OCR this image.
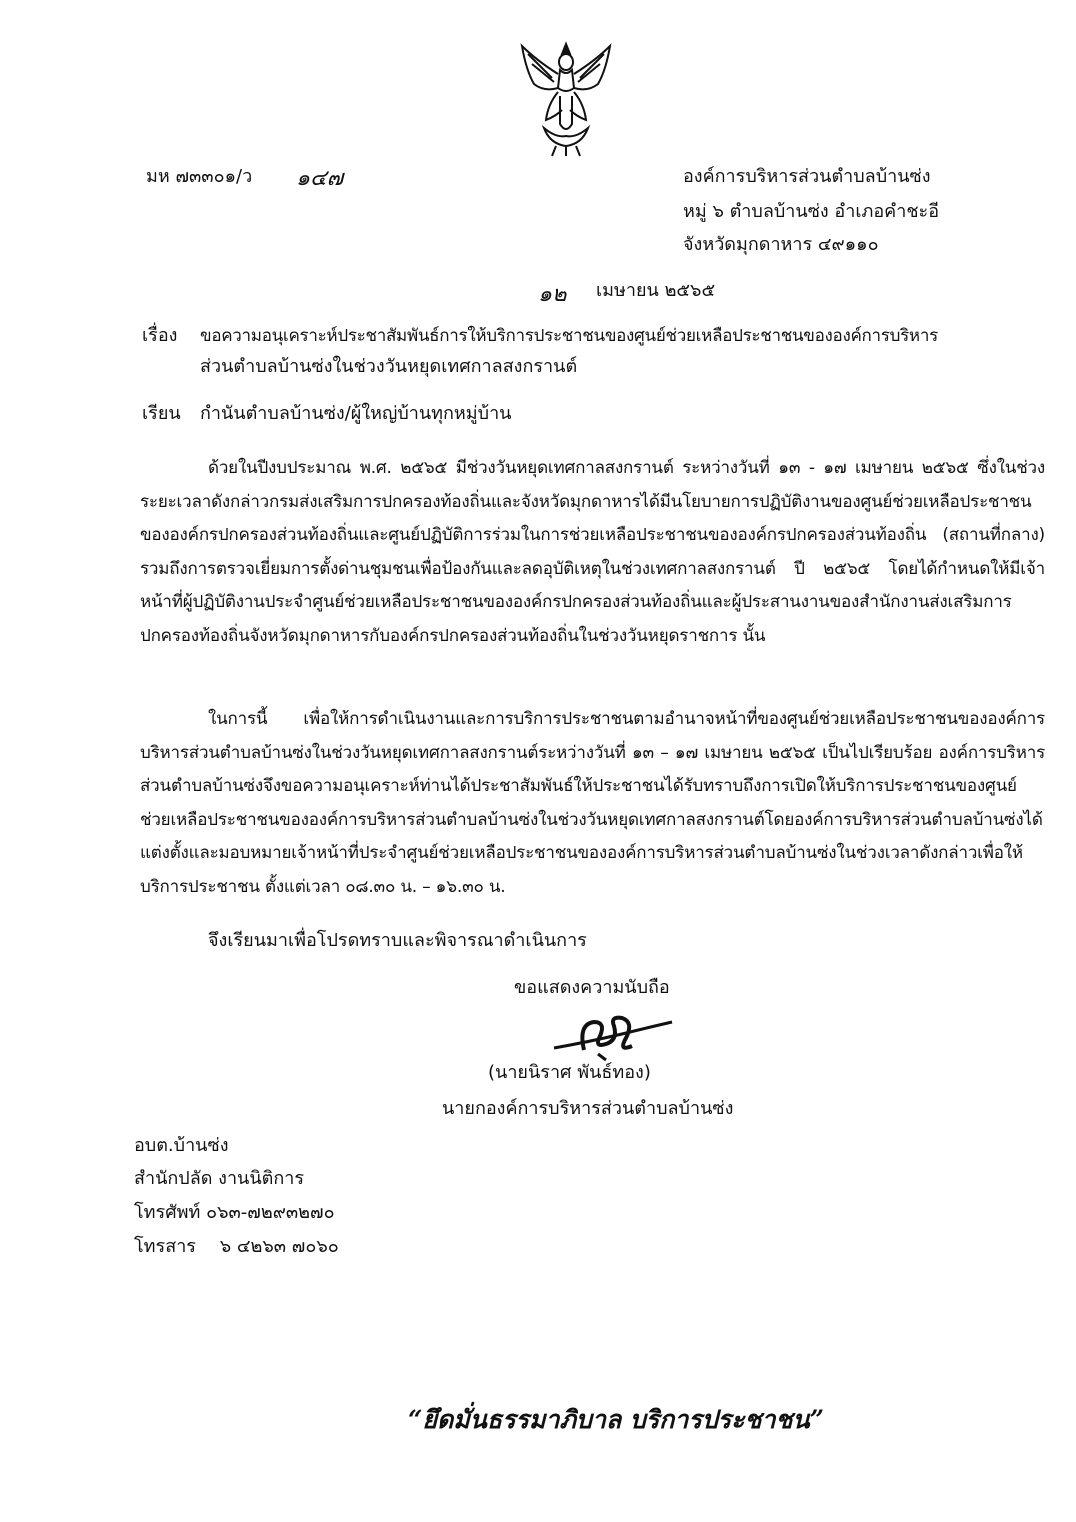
มห ๗๓๓๐๑/ว ๑๔๗	องค์การบริหารส่วนตำบลบ้านซ่ง

หมู่ ๖ ตำบลบ้านซ่ง อำเภอคำชะอี

จังหวัดมุกดาหาร ๔๙๑๑๐

๑๒ เมษายน ๒๕๖๕

เรื่อง ขอความอนุเคราะห์ประชาสัมพันธ์การให้บริการประชาชนของศูนย์ช่วยเหลือประชาชนขององค์การบริหาร

ส่วนตำบลบ้านซ่งในช่วงวันหยุดเทศกาลสงกรานต์

เรียน กำนันตำบลบ้านซ่ง/ผู้ใหญ่บ้านทุกหมู่บ้าน

ด้วยในปีงบประมาณ พ.ศ. ๒๕๖๕ มีช่วงวันหยุดเทศกาลสงกรานต์ ระหว่างวันที่ ๑๓ - ๑๗ เมษายน ๒๕๖๕ ซึ่งในช่วงระยะเวลาดังกล่าวกรมส่งเสริมการปกครองท้องถิ่นและจังหวัดมุกดาหารได้มีนโยบายการปฏิบัติงานของศูนย์ช่วยเหลือประชาชนขององค์กรปกครองส่วนท้องถิ่นและศูนย์ปฏิบัติการร่วมในการช่วยเหลือประชาชนขององค์กรปกครองส่วนท้องถิ่น (สถานที่กลาง) รวมถึงการตรวจเยี่ยมการตั้งด่านชุมชนเพื่อป้องกันและลดอุบัติเหตุในช่วงเทศกาลสงกรานต์ ปี ๒๕๖๕ โดยได้กำหนดให้มีเจ้าหน้าที่ผู้ปฏิบัติงานประจำศูนย์ช่วยเหลือประชาชนขององค์กรปกครองส่วนท้องถิ่นและผู้ประสานงานของสำนักงานส่งเสริมการปกครองท้องถิ่นจังหวัดมุกดาหารกับองค์กรปกครองส่วนท้องถิ่นในช่วงวันหยุดราชการ นั้น

ในการนี้ เพื่อให้การดำเนินงานและการบริการประชาชนตามอำนาจหน้าที่ของศูนย์ช่วยเหลือประชาชนขององค์การบริหารส่วนตำบลบ้านซ่งในช่วงวันหยุดเทศกาลสงกรานต์ระหว่างวันที่ ๑๓ – ๑๗ เมษายน ๒๕๖๕ เป็นไปเรียบร้อย องค์การบริหารส่วนตำบลบ้านซ่งจึงขอความอนุเคราะห์ท่านได้ประชาสัมพันธ์ให้ประชาชนได้รับทราบถึงการเปิดให้บริการประชาชนของศูนย์ช่วยเหลือประชาชนขององค์การบริหารส่วนตำบลบ้านซ่งในช่วงวันหยุดเทศกาลสงกรานต์โดยองค์การบริหารส่วนตำบลบ้านซ่งได้แต่งตั้งและมอบหมายเจ้าหน้าที่ประจำศูนย์ช่วยเหลือประชาชนขององค์การบริหารส่วนตำบลบ้านซ่งในช่วงเวลาดังกล่าวเพื่อให้บริการประชาชน ตั้งแต่เวลา ๐๘.๓๐ น. – ๑๖.๓๐ น.

จึงเรียนมาเพื่อโปรดทราบและพิจารณาดำเนินการ

ขอแสดงความนับถือ

(นายนิราศ พันธ์ทอง)

นายกองค์การบริหารส่วนตำบลบ้านซ่ง

อบต.บ้านซ่ง

สำนักปลัด งานนิติการ

โทรศัพท์ ๐๖๓-๗๒๙๓๒๗๐

โทรสาร ๖ ๔๒๖๓ ๗๐๖๐

“ยึดมั่นธรรมาภิบาล บริการประชาชน”
